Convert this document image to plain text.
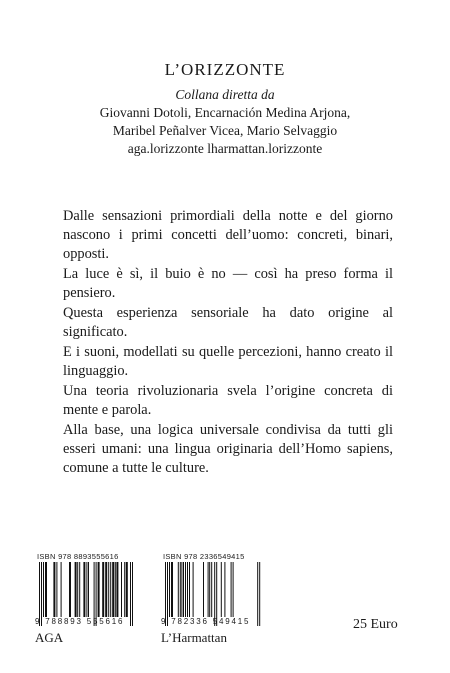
L’ORIZZONTE

Collana diretta da

Giovanni Dotoli, Encarnación Medina Arjona,

Maribel Peñalver Vicea, Mario Selvaggio

aga.lorizzonte lharmattan.lorizzonte

Dalle sensazioni primordiali della notte e del giorno nascono i primi concetti dell’uomo: concreti, binari, opposti.

La luce è sì, il buio è no — così ha preso forma il pensiero.

Questa esperienza sensoriale ha dato origine al significato.

E i suoni, modellati su quelle percezioni, hanno creato il linguaggio.

Una teoria rivoluzionaria svela l’origine concreta di mente e parola.

Alla base, una logica universale condivisa da tutti gli esseri umani: una lingua originaria dell’Homo sapiens, comune a tutte le culture.

ISBN 978 8893555616
9 788893 555616
AGA
ISBN 978 2336549415
9 782336 549415
L’Harmattan
25 Euro
